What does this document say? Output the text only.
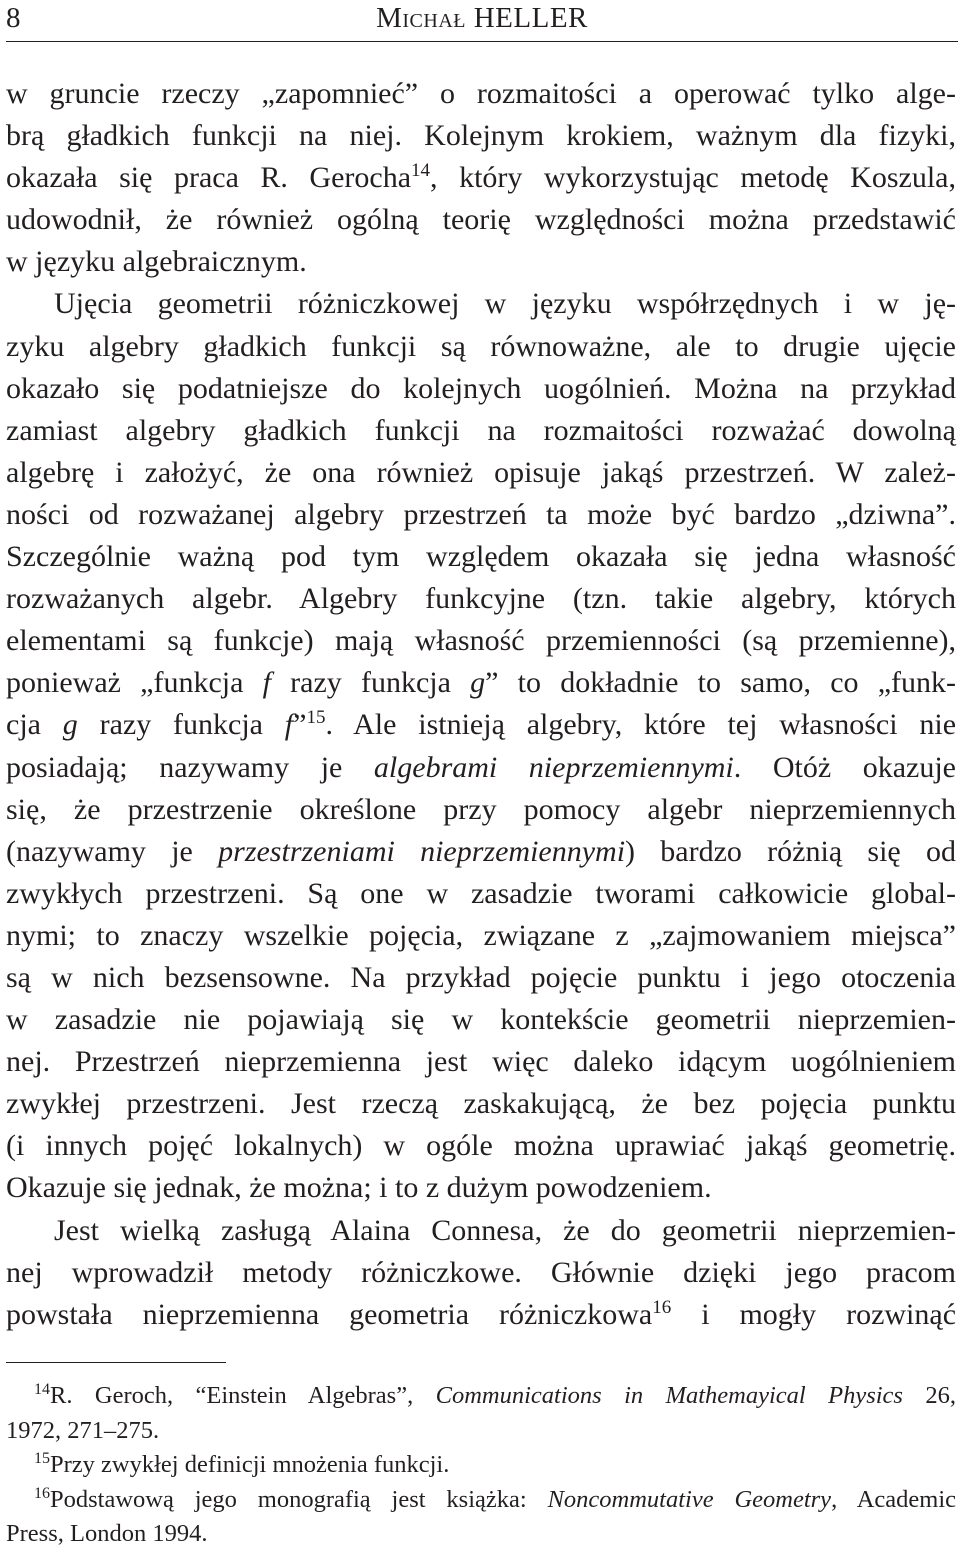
8	Michał HELLER
w gruncie rzeczy „zapomnieć” o rozmaitości a operować tylko alge-
brą gładkich funkcji na niej. Kolejnym krokiem, ważnym dla fizyki,
okazała się praca R. Gerocha$^{14}$, który wykorzystując metodę Koszula,
udowodnił, że również ogólną teorię względności można przedstawić
w języku algebraicznym.
Ujęcia geometrii różniczkowej w języku współrzędnych i w ję-
zyku algebry gładkich funkcji są równoważne, ale to drugie ujęcie
okazało się podatniejsze do kolejnych uogólnień. Można na przykład
zamiast algebry gładkich funkcji na rozmaitości rozważać dowolną
algebrę i założyć, że ona również opisuje jakąś przestrzeń. W zależ-
ności od rozważanej algebry przestrzeń ta może być bardzo „dziwna”.
Szczególnie ważną pod tym względem okazała się jedna własność
rozważanych algebr. Algebry funkcyjne (tzn. takie algebry, których
elementami są funkcje) mają własność przemienności (są przemienne),
ponieważ „funkcja f razy funkcja g” to dokładnie to samo, co „funk-
cja g razy funkcja f”$^{15}$. Ale istnieją algebry, które tej własności nie
posiadają; nazywamy je algebrami nieprzemiennymi. Otóż okazuje
się, że przestrzenie określone przy pomocy algebr nieprzemiennych
(nazywamy je przestrzeniami nieprzemiennymi) bardzo różnią się od
zwykłych przestrzeni. Są one w zasadzie tworami całkowicie global-
nymi; to znaczy wszelkie pojęcia, związane z „zajmowaniem miejsca”
są w nich bezsensowne. Na przykład pojęcie punktu i jego otoczenia
w zasadzie nie pojawiają się w kontekście geometrii nieprzemien-
nej. Przestrzeń nieprzemienna jest więc daleko idącym uogólnieniem
zwykłej przestrzeni. Jest rzeczą zaskakującą, że bez pojęcia punktu
(i innych pojęć lokalnych) w ogóle można uprawiać jakąś geometrię.
Okazuje się jednak, że można; i to z dużym powodzeniem.
Jest wielką zasługą Alaina Connesa, że do geometrii nieprzemien-
nej wprowadził metody różniczkowe. Głównie dzięki jego pracom
powstała nieprzemienna geometria różniczkowa$^{16}$ i mogły rozwinąć
$^{14}$R. Geroch, “Einstein Algebras”, Communications in Mathemayical Physics 26,
1972, 271–275.
$^{15}$Przy zwykłej definicji mnożenia funkcji.
$^{16}$Podstawową jego monografią jest książka: Noncommutative Geometry, Academic
Press, London 1994.
